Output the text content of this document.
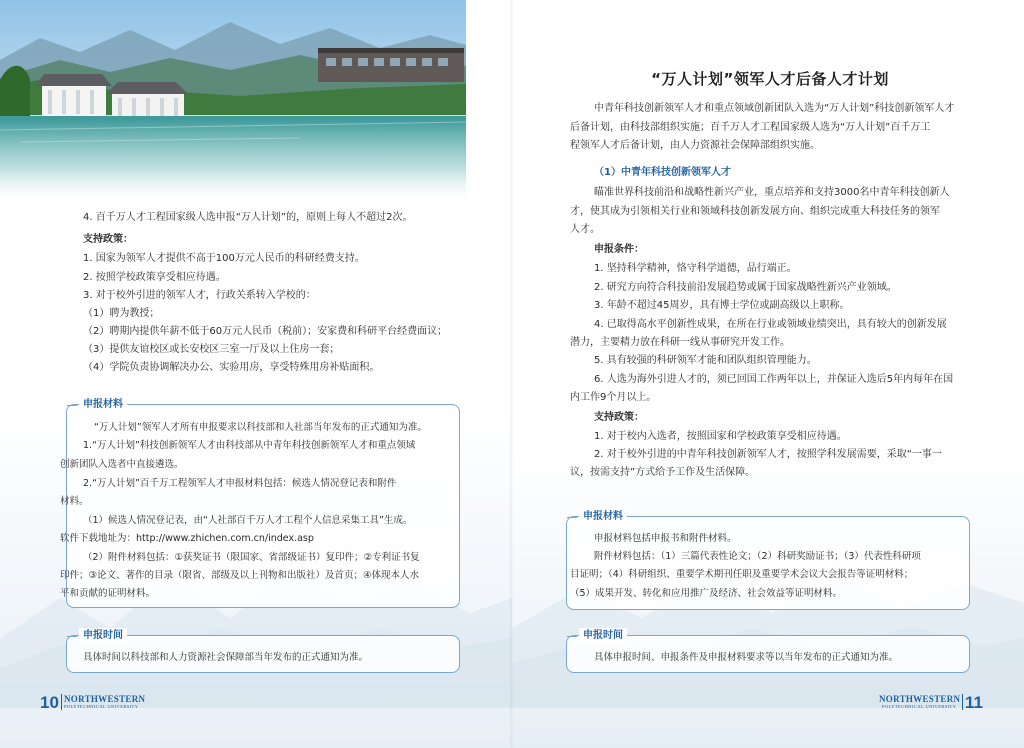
4. 百千万人才工程国家级人选申报“万人计划”的，原则上每人不超过2次。
支持政策：
1. 国家为领军人才提供不高于100万元人民币的科研经费支持。
2. 按照学校政策享受相应待遇。
3. 对于校外引进的领军人才，行政关系转入学校的：
（1）聘为教授；
（2）聘期内提供年薪不低于60万元人民币（税前）；安家费和科研平台经费面议；
（3）提供友谊校区或长安校区三室一厅及以上住房一套；
（4）学院负责协调解决办公、实验用房，享受特殊用房补贴面积。
申报材料
“万人计划”领军人才所有申报要求以科技部和人社部当年发布的正式通知为准。
1.“万人计划”科技创新领军人才由科技部从中青年科技创新领军人才和重点领域
创新团队入选者中直接遴选。
2.“万人计划”百千万工程领军人才申报材料包括：候选人情况登记表和附件
材料。
（1）候选人情况登记表，由“人社部百千万人才工程个人信息采集工具”生成。
软件下载地址为：http://www.zhichen.com.cn/index.asp
（2）附件材料包括：①获奖证书（限国家、省部级证书）复印件；②专利证书复
印件；③论文、著作的目录（限省、部级及以上刊物和出版社）及首页；④体现本人水
平和贡献的证明材料。
申报时间
具体时间以科技部和人力资源社会保障部当年发布的正式通知为准。
10 NORTHWESTERN
POLYTECHNICAL UNIVERSITY
“万人计划”领军人才后备人才计划
中青年科技创新领军人才和重点领域创新团队入选为“万人计划”科技创新领军人才
后备计划，由科技部组织实施；百千万人才工程国家级人选为“万人计划”百千万工
程领军人才后备计划，由人力资源社会保障部组织实施。
（1）中青年科技创新领军人才
瞄准世界科技前沿和战略性新兴产业，重点培养和支持3000名中青年科技创新人
才，使其成为引领相关行业和领域科技创新发展方向、组织完成重大科技任务的领军
人才。
申报条件：
1. 坚持科学精神，恪守科学道德，品行端正。
2. 研究方向符合科技前沿发展趋势或属于国家战略性新兴产业领域。
3. 年龄不超过45周岁，具有博士学位或副高级以上职称。
4. 已取得高水平创新性成果，在所在行业或领域业绩突出，具有较大的创新发展
潜力，主要精力放在科研一线从事研究开发工作。
5. 具有较强的科研领军才能和团队组织管理能力。
6. 人选为海外引进人才的，须已回国工作两年以上，并保证入选后5年内每年在国
内工作9个月以上。
支持政策：
1. 对于校内入选者，按照国家和学校政策享受相应待遇。
2. 对于校外引进的中青年科技创新领军人才，按照学科发展需要，采取“一事一
议，按需支持”方式给予工作及生活保障。
申报材料
申报材料包括申报书和附件材料。
附件材料包括：（1）三篇代表性论文；（2）科研奖励证书；（3）代表性科研项
目证明；（4）科研组织、重要学术期刊任职及重要学术会议大会报告等证明材料；
（5）成果开发、转化和应用推广及经济、社会效益等证明材料。
申报时间
具体申报时间、申报条件及申报材料要求等以当年发布的正式通知为准。
NORTHWESTERN
POLYTECHNICAL UNIVERSITY 11
